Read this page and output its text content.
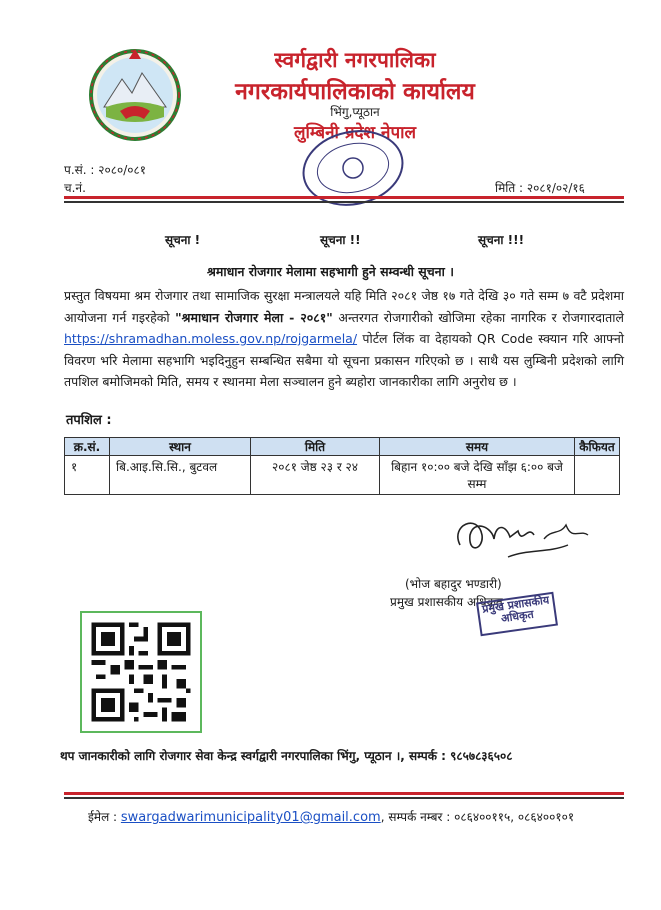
स्वर्गद्वारी नगरपालिका
नगरकार्यपालिकाको कार्यालय
भिंगु,प्यूठान
लुम्बिनी प्रदेश नेपाल
प.सं. : २०८०/०८१
च.नं.	मिति : २०८१/०२/१६
सूचना !	सूचना !!	सूचना !!!
श्रमाधान रोजगार मेलामा सहभागी हुने सम्वन्धी सूचना ।
प्रस्तुत विषयमा श्रम रोजगार तथा सामाजिक सुरक्षा मन्त्रालयले यहि मिति २०८१ जेष्ठ १७ गते देखि ३० गते सम्म ७ वटै प्रदेशमा आयोजना गर्न गइरहेको "श्रमाधान रोजगार मेला - २०८१" अन्तरगत रोजगारीको खोजिमा रहेका नागरिक र रोजगारदाताले https://shramadhan.moless.gov.np/rojgarmela/ पोर्टल लिंक वा देहायको QR Code स्क्यान गरि आफ्नो विवरण भरि मेलामा सहभागि भइदिनुहुन सम्बन्धित सबैमा यो सूचना प्रकासन गरिएको छ । साथै यस लुम्बिनी प्रदेशको लागि तपशिल बमोजिमको मिति, समय र स्थानमा मेला सञ्चालन हुने ब्यहोरा जानकारीका लागि अनुरोध छ ।
तपशिल :
क्र.सं.	स्थान	मिति	समय	कैफियत
१	बि.आइ.सि.सि., बुटवल	२०८१ जेष्ठ २३ र २४	बिहान १०:०० बजे देखि साँझ ६:०० बजे सम्म	
(भोज बहादुर भण्डारी)
प्रमुख प्रशासकीय अधिकृत
प्रमुख प्रशासकीय अधिकृत
थप जानकारीको लागि रोजगार सेवा केन्द्र स्वर्गद्वारी नगरपालिका भिंगु, प्यूठान ।, सम्पर्क : ९८५७८३६५०८
ईमेल : swargadwarimunicipality01@gmail.com, सम्पर्क नम्बर : ०८६४००११५, ०८६४००१०१
